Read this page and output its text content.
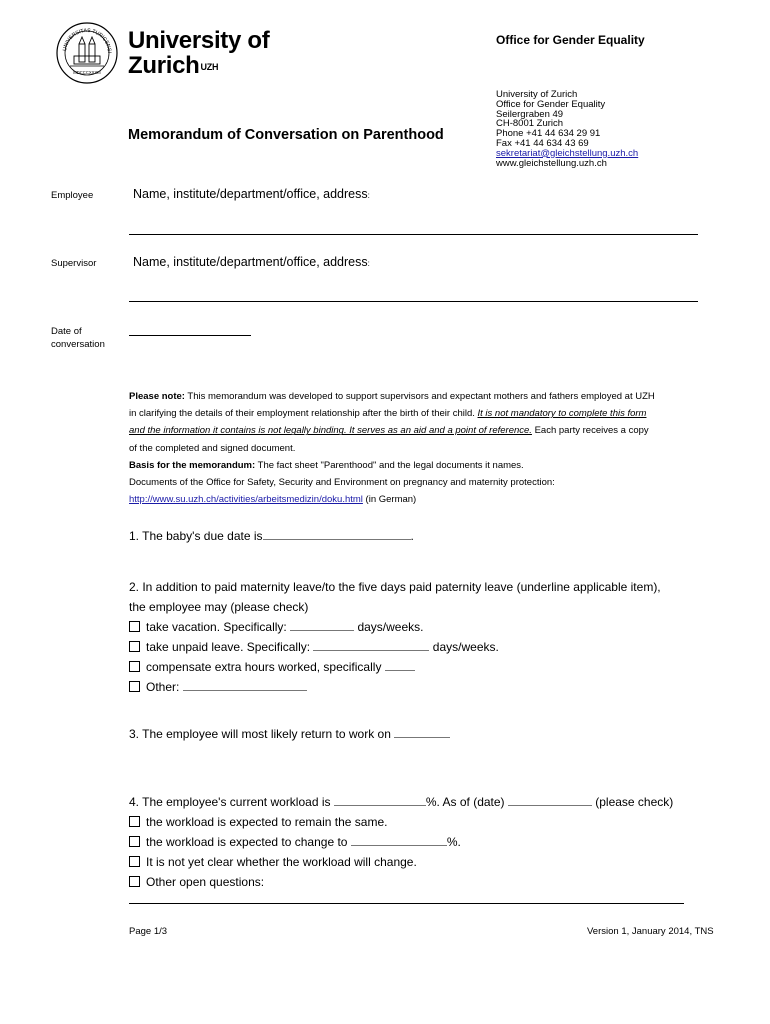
UNIVERSITAS TURICENSI
MDCCCXXXIII
University of
Zurich$^{UZH}$
Office for Gender Equality
University of Zurich
Office for Gender Equality
Seilergraben 49
CH-8001 Zurich
Phone +41 44 634 29 91
Fax +41 44 634 43 69
sekretariat@gleichstellung.uzh.ch
www.gleichstellung.uzh.ch
Memorandum of Conversation on Parenthood
Employee	Name, institute/department/office, address:
Supervisor	Name, institute/department/office, address:
Date of
conversation
Please note: This memorandum was developed to support supervisors and expectant mothers and fathers employed at UZH
in clarifying the details of their employment relationship after the birth of their child. It is not mandatory to complete this form
and the information it contains is not legally binding. It serves as an aid and a point of reference. Each party receives a copy
of the completed and signed document.
Basis for the memorandum: The fact sheet "Parenthood" and the legal documents it names.
Documents of the Office for Safety, Security and Environment on pregnancy and maternity protection:
http://www.su.uzh.ch/activities/arbeitsmedizin/doku.html (in German)
1. The baby's due date is	.
2. In addition to paid maternity leave/to the five days paid paternity leave (underline applicable item),
the employee may (please check)
take vacation. Specifically:	days/weeks.
take unpaid leave. Specifically:	days/weeks.
compensate extra hours worked, specifically
Other:
3. The employee will most likely return to work on
4. The employee's current workload is	%. As of (date)	(please check)
the workload is expected to remain the same.
the workload is expected to change to	%.
It is not yet clear whether the workload will change.
Other open questions:
Page 1/3	Version 1, January 2014, TNS
